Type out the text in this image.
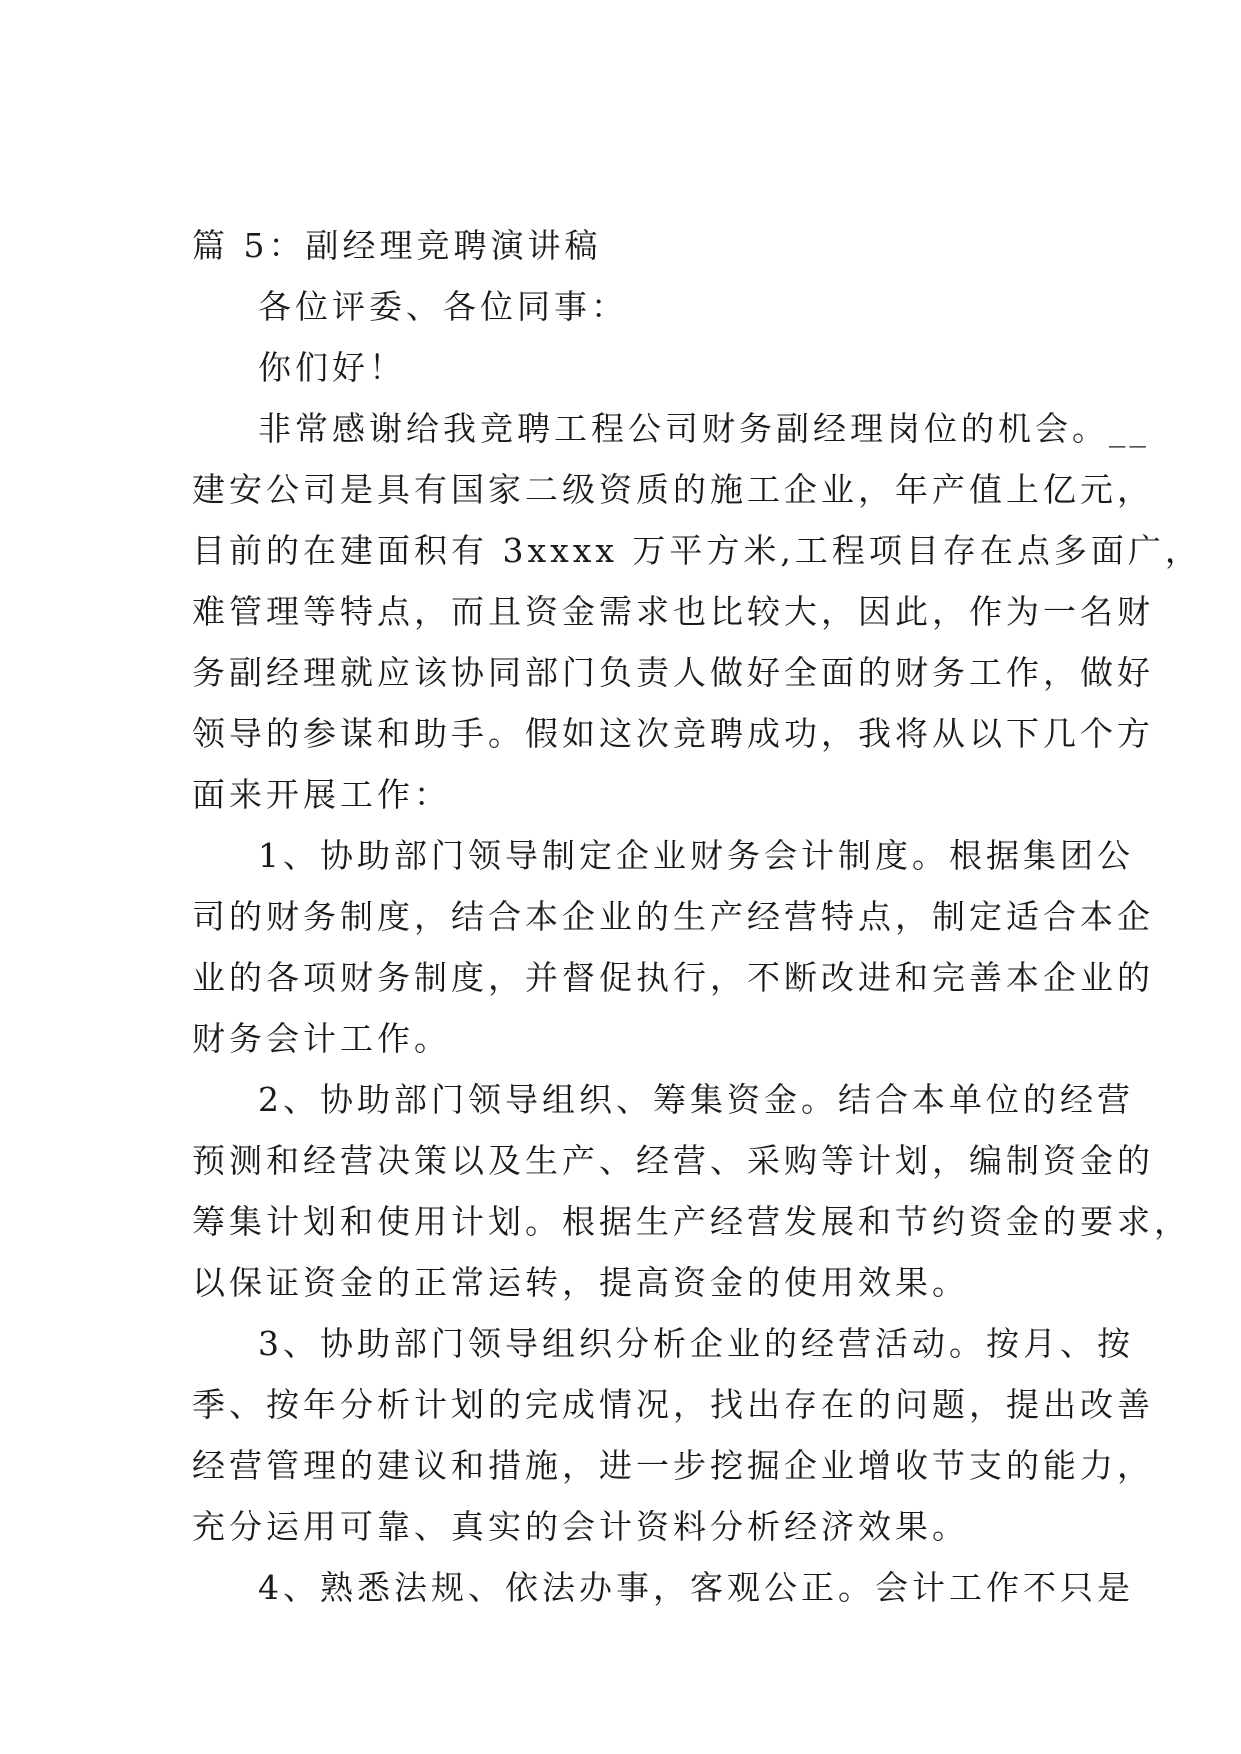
篇 5：副经理竞聘演讲稿
各位评委、各位同事：
你们好！
非常感谢给我竞聘工程公司财务副经理岗位的机会。__
建安公司是具有国家二级资质的施工企业，年产值上亿元，
目前的在建面积有 3xxxx 万平方米,工程项目存在点多面广，
难管理等特点，而且资金需求也比较大，因此，作为一名财
务副经理就应该协同部门负责人做好全面的财务工作，做好
领导的参谋和助手。假如这次竞聘成功，我将从以下几个方
面来开展工作：
1、协助部门领导制定企业财务会计制度。根据集团公
司的财务制度，结合本企业的生产经营特点，制定适合本企
业的各项财务制度，并督促执行，不断改进和完善本企业的
财务会计工作。
2、协助部门领导组织、筹集资金。结合本单位的经营
预测和经营决策以及生产、经营、采购等计划，编制资金的
筹集计划和使用计划。根据生产经营发展和节约资金的要求，
以保证资金的正常运转，提高资金的使用效果。
3、协助部门领导组织分析企业的经营活动。按月、按
季、按年分析计划的完成情况，找出存在的问题，提出改善
经营管理的建议和措施，进一步挖掘企业增收节支的能力，
充分运用可靠、真实的会计资料分析经济效果。
4、熟悉法规、依法办事，客观公正。会计工作不只是
